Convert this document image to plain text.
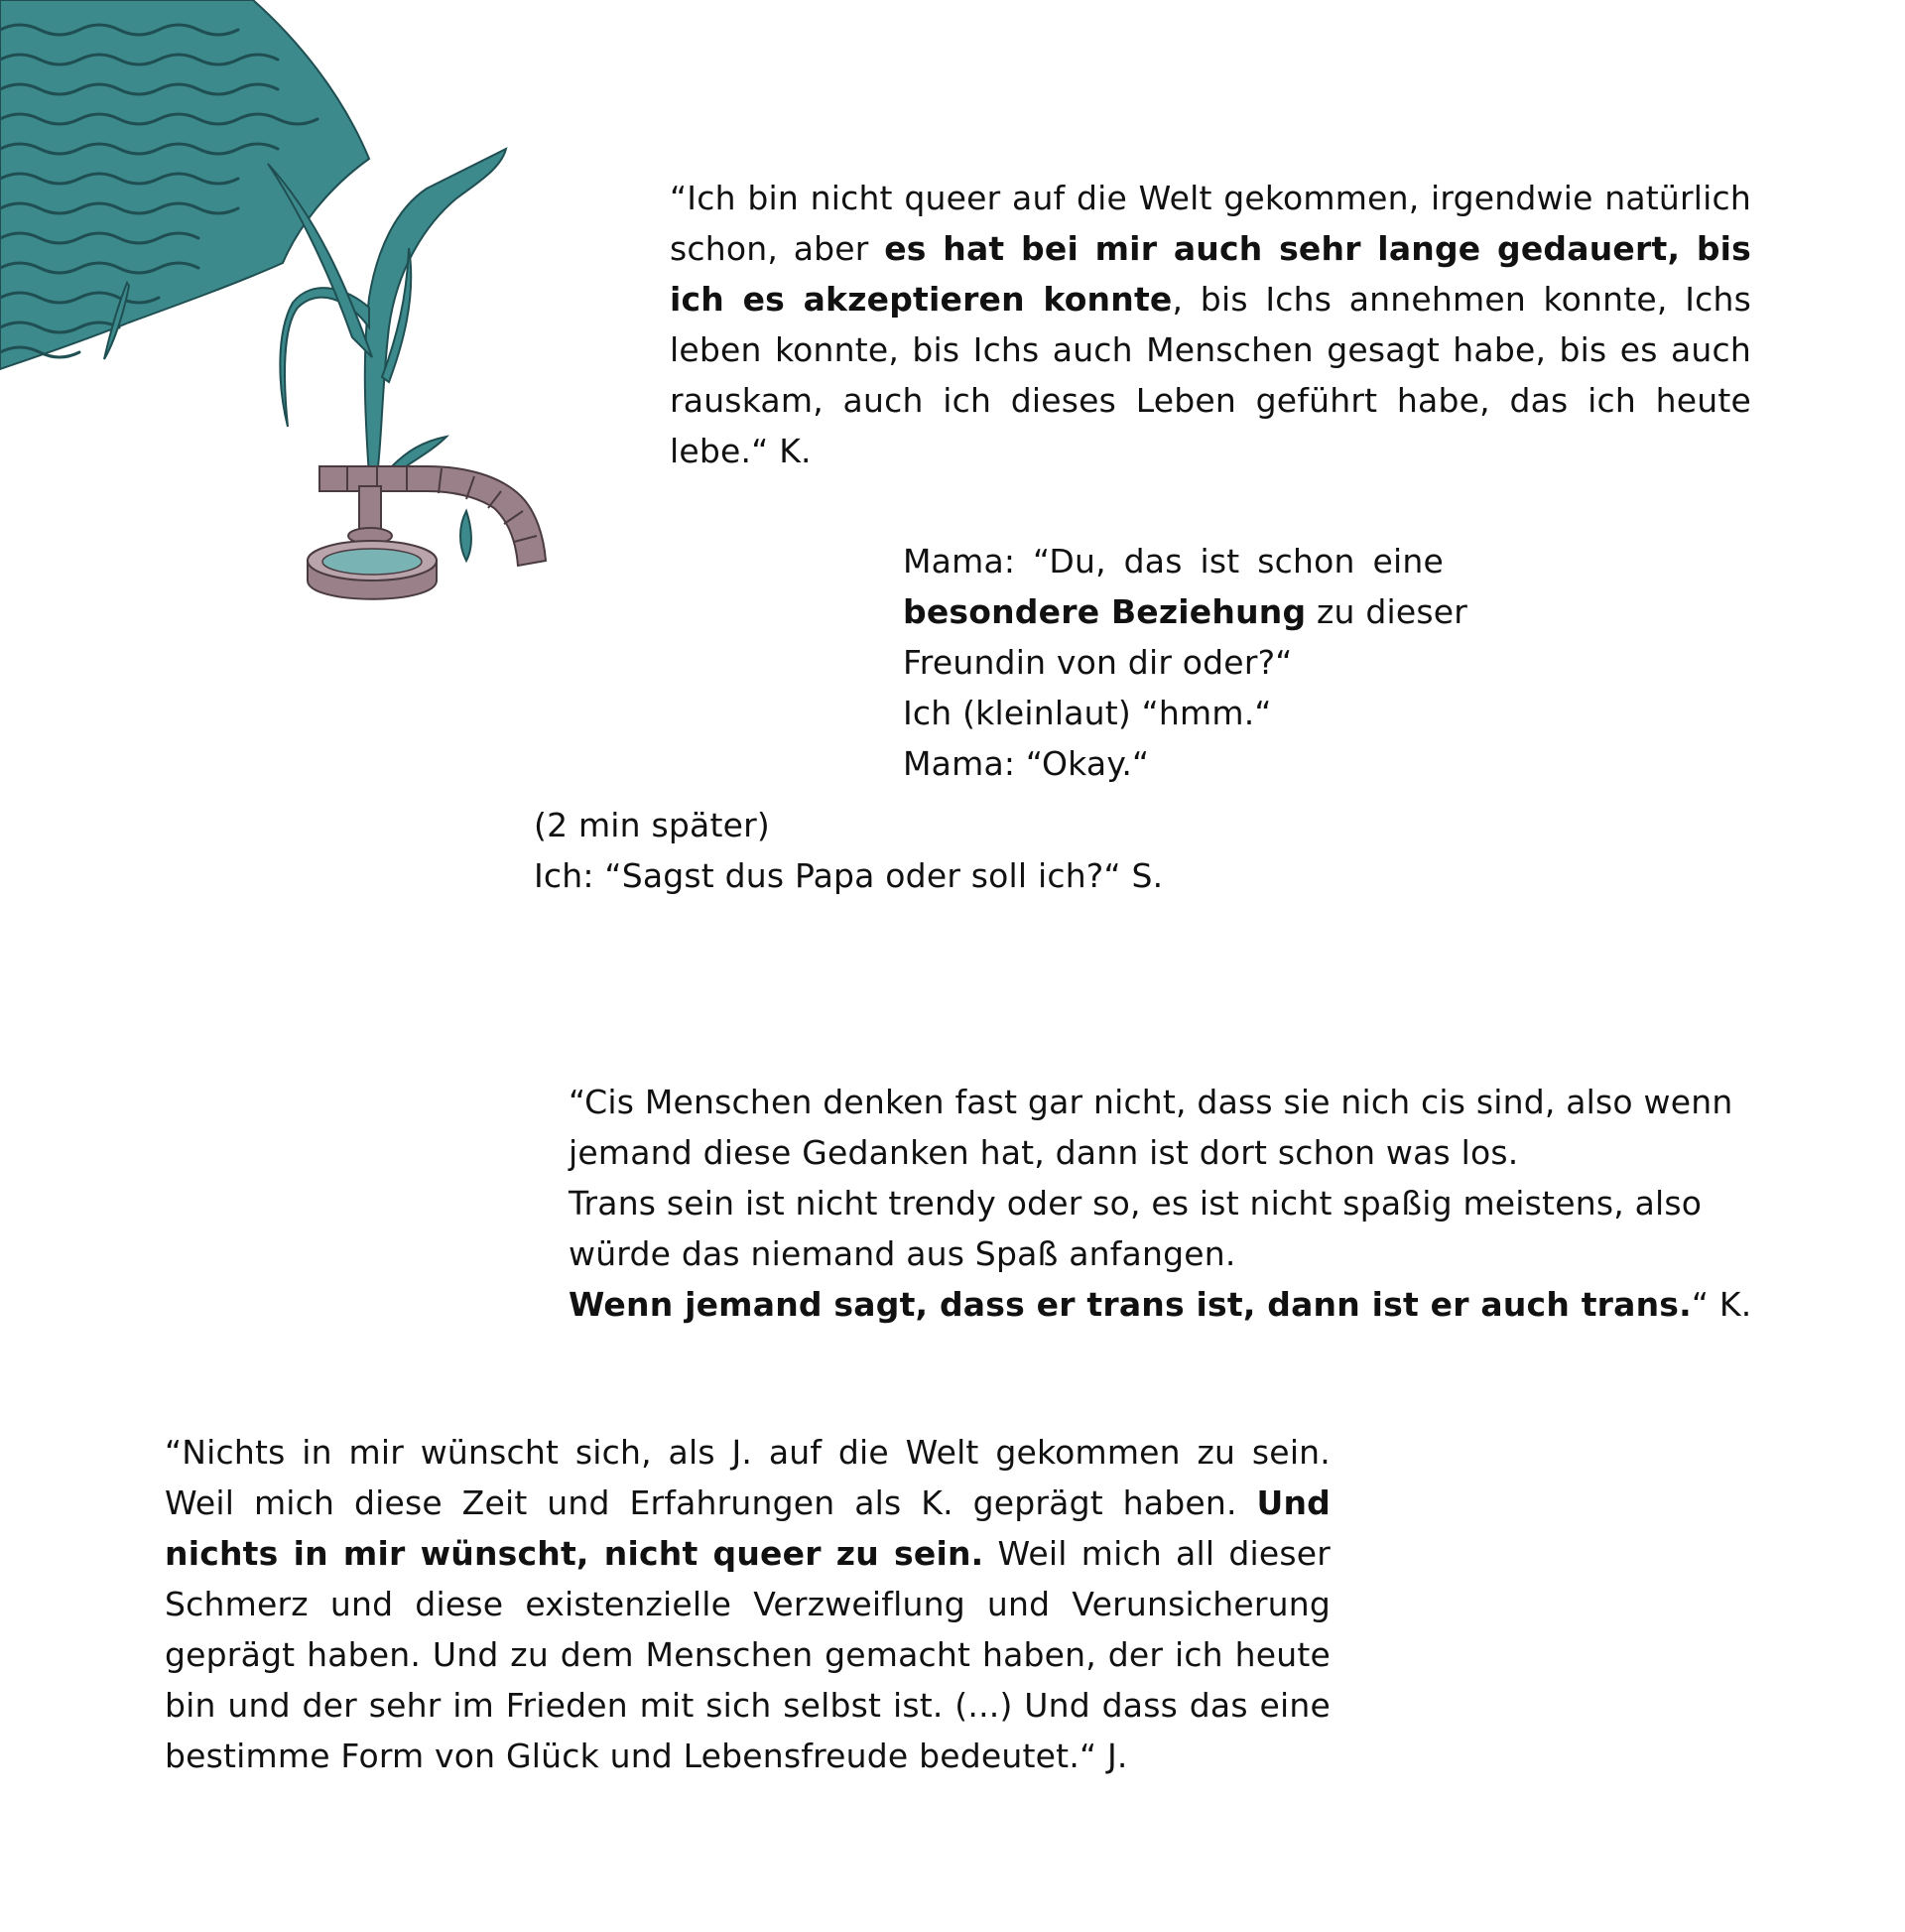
“Ich bin nicht queer auf die Welt gekommen, irgendwie natürlich schon, aber es hat bei mir auch sehr lange gedauert, bis ich es akzeptieren konnte, bis Ichs annehmen konnte, Ichs leben konnte, bis Ichs auch Menschen gesagt habe, bis es auch rauskam, auch ich dieses Leben geführt habe, das ich heute lebe.“ K.
Mama: “Du, das ist schon eine
besondere Beziehung zu dieser
Freundin von dir oder?“
Ich (kleinlaut) “hmm.“
Mama: “Okay.“
(2 min später)
Ich: “Sagst dus Papa oder soll ich?“ S.
“Cis Menschen denken fast gar nicht, dass sie nich cis sind, also wenn
jemand diese Gedanken hat, dann ist dort schon was los.
Trans sein ist nicht trendy oder so, es ist nicht spaßig meistens, also
würde das niemand aus Spaß anfangen.
Wenn jemand sagt, dass er trans ist, dann ist er auch trans.“ K.
“Nichts in mir wünscht sich, als J. auf die Welt gekommen zu sein. Weil mich diese Zeit und Erfahrungen als K. geprägt haben. Und nichts in mir wünscht, nicht queer zu sein. Weil mich all dieser Schmerz und diese existenzielle Verzweiflung und Verunsicherung geprägt haben. Und zu dem Menschen gemacht haben, der ich heute bin und der sehr im Frieden mit sich selbst ist. (...) Und dass das eine bestimme Form von Glück und Lebensfreude bedeutet.“ J.
